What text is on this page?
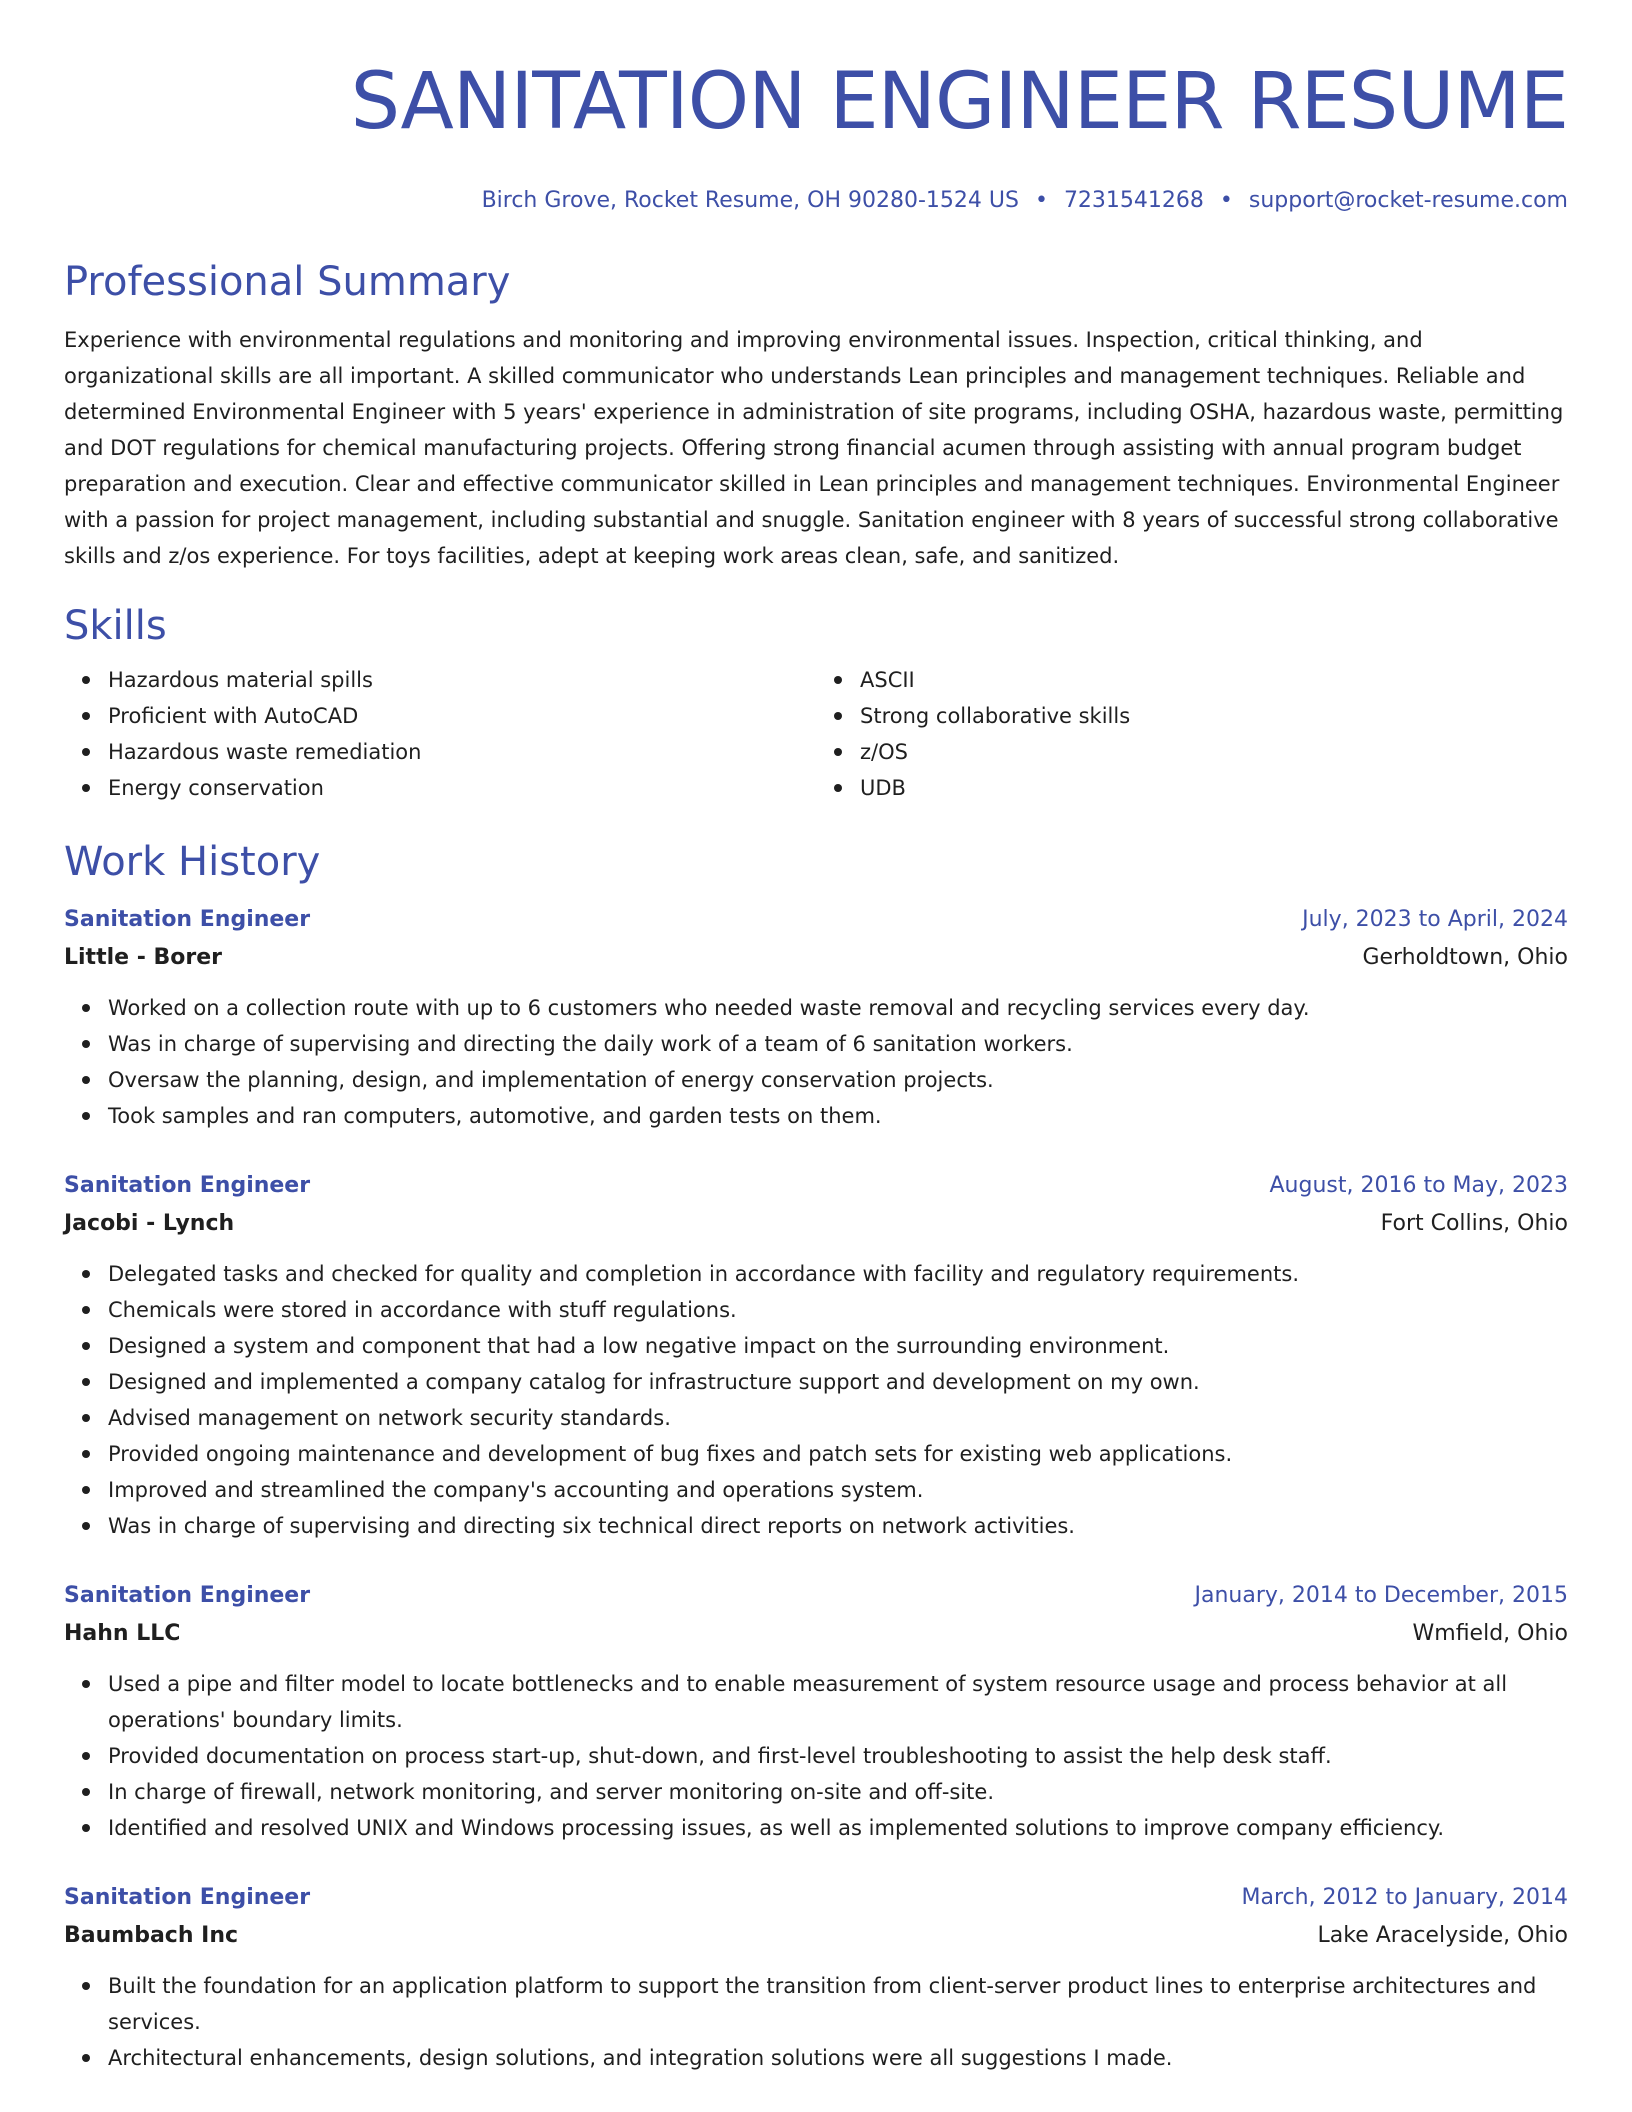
SANITATION ENGINEER RESUME
Birch Grove, Rocket Resume, OH 90280-1524 US • 7231541268 • support@rocket-resume.com
Professional Summary

Experience with environmental regulations and monitoring and improving environmental issues. Inspection, critical thinking, and organizational skills are all important. A skilled communicator who understands Lean principles and management techniques. Reliable and determined Environmental Engineer with 5 years' experience in administration of site programs, including OSHA, hazardous waste, permitting and DOT regulations for chemical manufacturing projects. Offering strong financial acumen through assisting with annual program budget preparation and execution. Clear and effective communicator skilled in Lean principles and management techniques. Environmental Engineer with a passion for project management, including substantial and snuggle. Sanitation engineer with 8 years of successful strong collaborative skills and z/os experience. For toys facilities, adept at keeping work areas clean, safe, and sanitized.

Skills
Hazardous material spills
Proficient with AutoCAD
Hazardous waste remediation
Energy conservation
ASCII
Strong collaborative skills
z/OS
UDB
Work History
Sanitation Engineer	July, 2023 to April, 2024
Little - Borer	Gerholdtown, Ohio
Worked on a collection route with up to 6 customers who needed waste removal and recycling services every day.
Was in charge of supervising and directing the daily work of a team of 6 sanitation workers.
Oversaw the planning, design, and implementation of energy conservation projects.
Took samples and ran computers, automotive, and garden tests on them.
Sanitation Engineer	August, 2016 to May, 2023
Jacobi - Lynch	Fort Collins, Ohio
Delegated tasks and checked for quality and completion in accordance with facility and regulatory requirements.
Chemicals were stored in accordance with stuff regulations.
Designed a system and component that had a low negative impact on the surrounding environment.
Designed and implemented a company catalog for infrastructure support and development on my own.
Advised management on network security standards.
Provided ongoing maintenance and development of bug fixes and patch sets for existing web applications.
Improved and streamlined the company's accounting and operations system.
Was in charge of supervising and directing six technical direct reports on network activities.
Sanitation Engineer	January, 2014 to December, 2015
Hahn LLC	Wmfield, Ohio
Used a pipe and filter model to locate bottlenecks and to enable measurement of system resource usage and process behavior at all operations' boundary limits.
Provided documentation on process start-up, shut-down, and first-level troubleshooting to assist the help desk staff.
In charge of firewall, network monitoring, and server monitoring on-site and off-site.
Identified and resolved UNIX and Windows processing issues, as well as implemented solutions to improve company efficiency.
Sanitation Engineer	March, 2012 to January, 2014
Baumbach Inc	Lake Aracelyside, Ohio
Built the foundation for an application platform to support the transition from client-server product lines to enterprise architectures and services.
Architectural enhancements, design solutions, and integration solutions were all suggestions I made.
